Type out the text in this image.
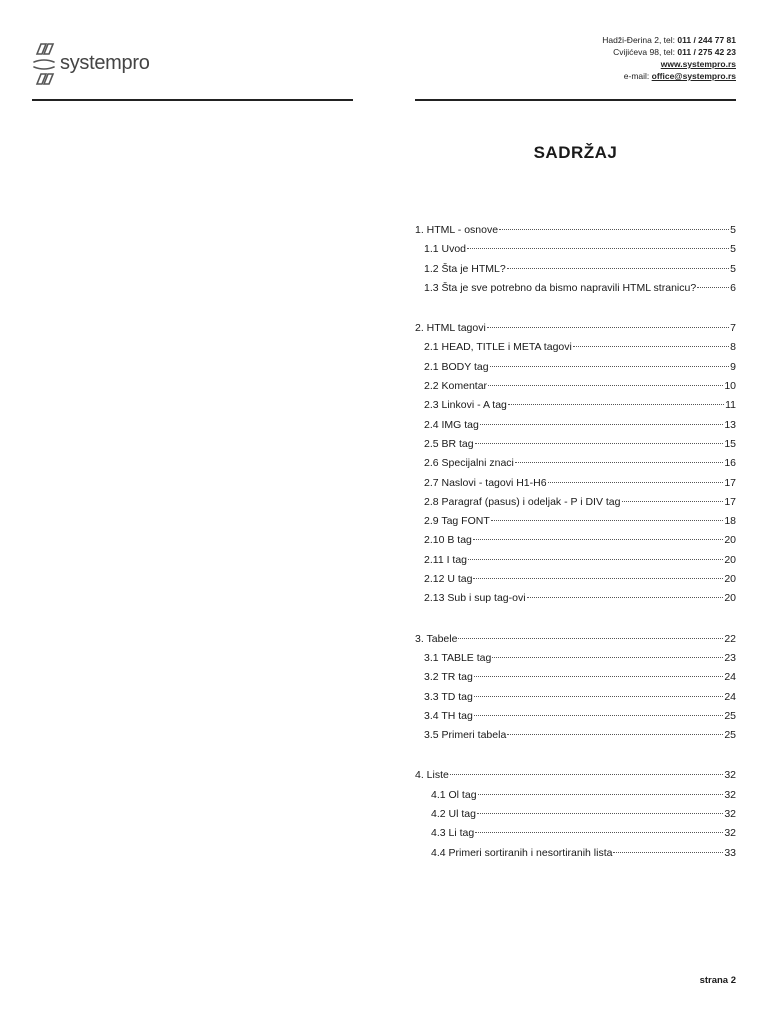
systempro
Hadži-Đerina 2, tel: 011 / 244 77 81
Cvijićeva 98, tel: 011 / 275 42 23
www.systempro.rs
e-mail: office@systempro.rs
SADRŽAJ
1. HTML - osnove	5
1.1 Uvod	5
1.2 Šta je HTML?	5
1.3 Šta je sve potrebno da bismo napravili HTML stranicu?	6
2. HTML tagovi	7
2.1 HEAD, TITLE i META tagovi	8
2.1 BODY tag	9
2.2 Komentar	10
2.3 Linkovi - A tag	11
2.4 IMG tag	13
2.5 BR tag	15
2.6 Specijalni znaci	16
2.7 Naslovi - tagovi H1-H6	17
2.8 Paragraf (pasus) i odeljak - P i DIV tag	17
2.9 Tag FONT	18
2.10 B tag	20
2.11 I tag	20
2.12 U tag	20
2.13 Sub i sup tag-ovi	20
3. Tabele	22
3.1 TABLE tag	23
3.2 TR tag	24
3.3 TD tag	24
3.4 TH tag	25
3.5 Primeri tabela	25
4. Liste	32
4.1 Ol tag	32
4.2 Ul tag	32
4.3 Li tag	32
4.4 Primeri sortiranih i nesortiranih lista	33
strana 2
